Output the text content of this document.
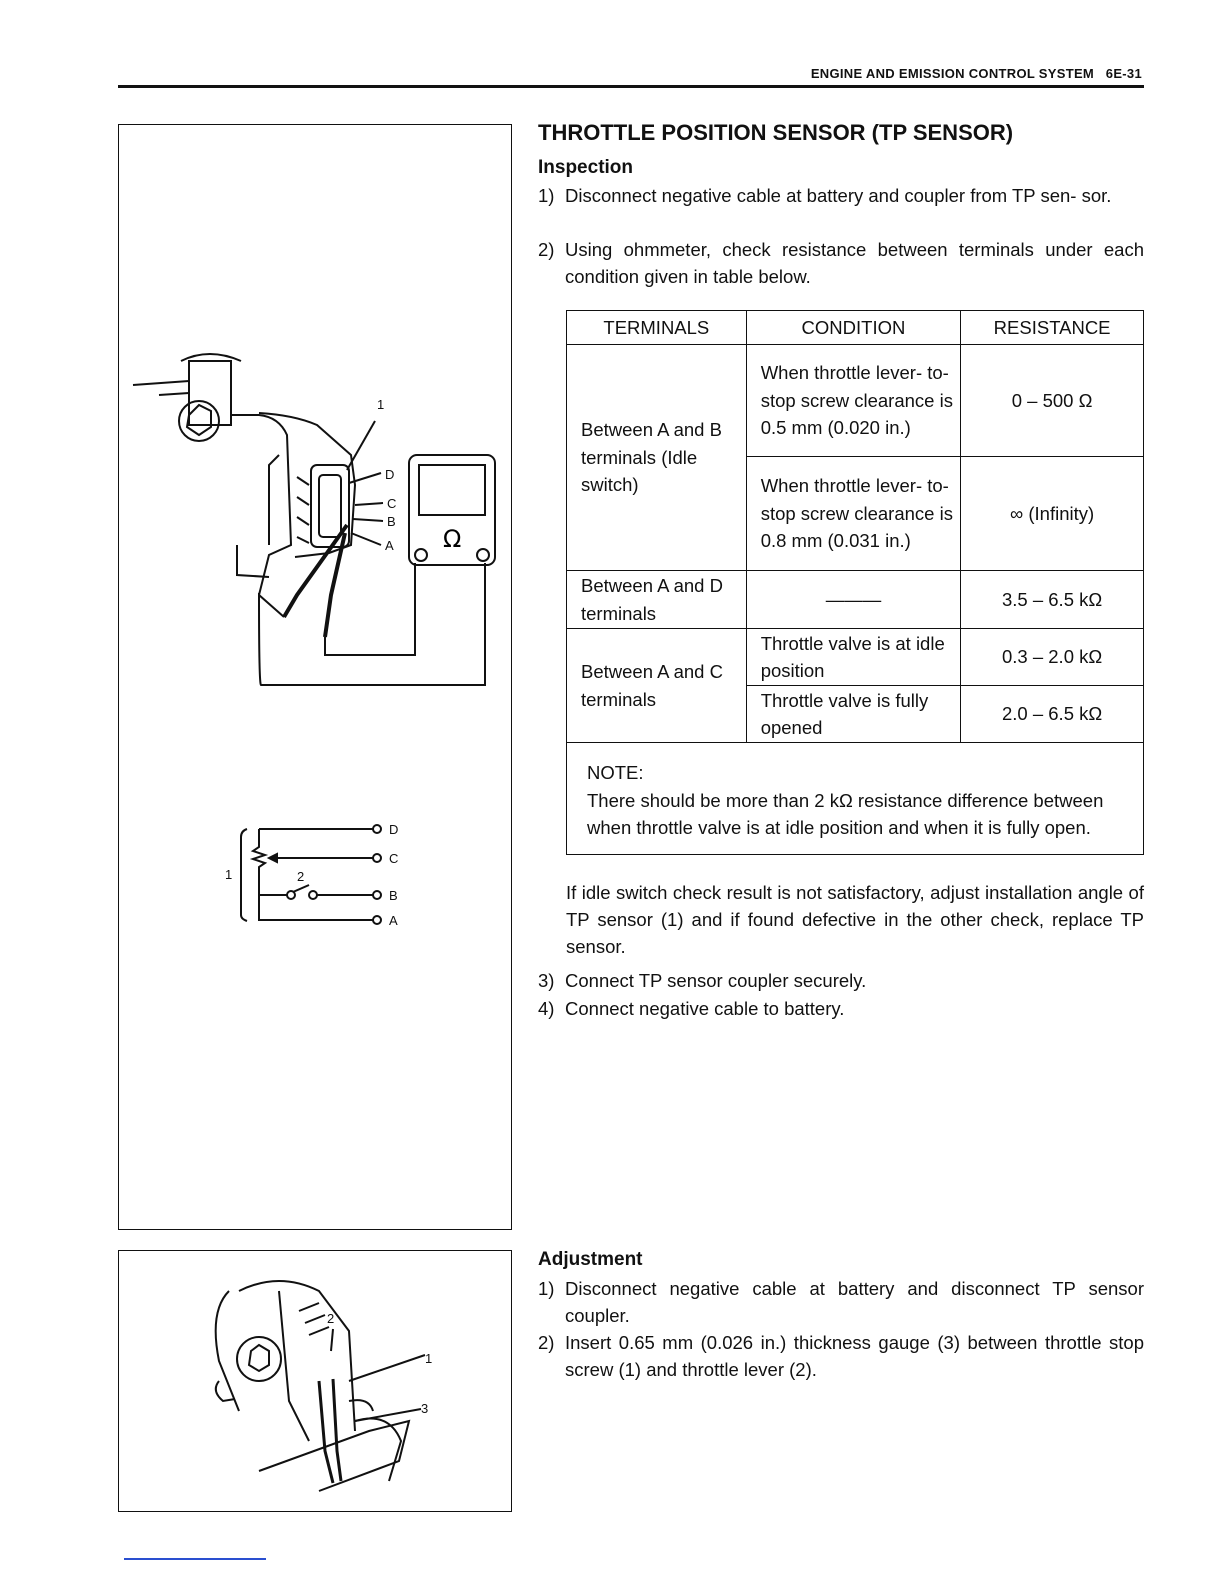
ENGINE AND EMISSION CONTROL SYSTEM 6E-31
1
D
C
B
A Ω
1	2
D
C
B
A
1
2
3
THROTTLE POSITION SENSOR (TP SENSOR)
Inspection
1) Disconnect negative cable at battery and coupler from TP sen- sor.
2) Using ohmmeter, check resistance between terminals under each condition given in table below.
TERMINALS	CONDITION	RESISTANCE
Between A and B terminals (Idle switch)	When throttle lever- to-stop screw clearance is 0.5 mm (0.020 in.)	0 – 500 Ω
	When throttle lever- to-stop screw clearance is 0.8 mm (0.031 in.)	∞ (Infinity)
Between A and D terminals	———	3.5 – 6.5 kΩ
Between A and C terminals	Throttle valve is at idle position	0.3 – 2.0 kΩ
	Throttle valve is fully opened	2.0 – 6.5 kΩ

NOTE:
There should be more than 2 kΩ resistance difference between when throttle valve is at idle position and when it is fully open.		
If idle switch check result is not satisfactory, adjust installation angle of TP sensor (1) and if found defective in the other check, replace TP sensor.
3) Connect TP sensor coupler securely.
4) Connect negative cable to battery.
Adjustment
1) Disconnect negative cable at battery and disconnect TP sensor coupler.
2) Insert 0.65 mm (0.026 in.) thickness gauge (3) between throttle stop screw (1) and throttle lever (2).
